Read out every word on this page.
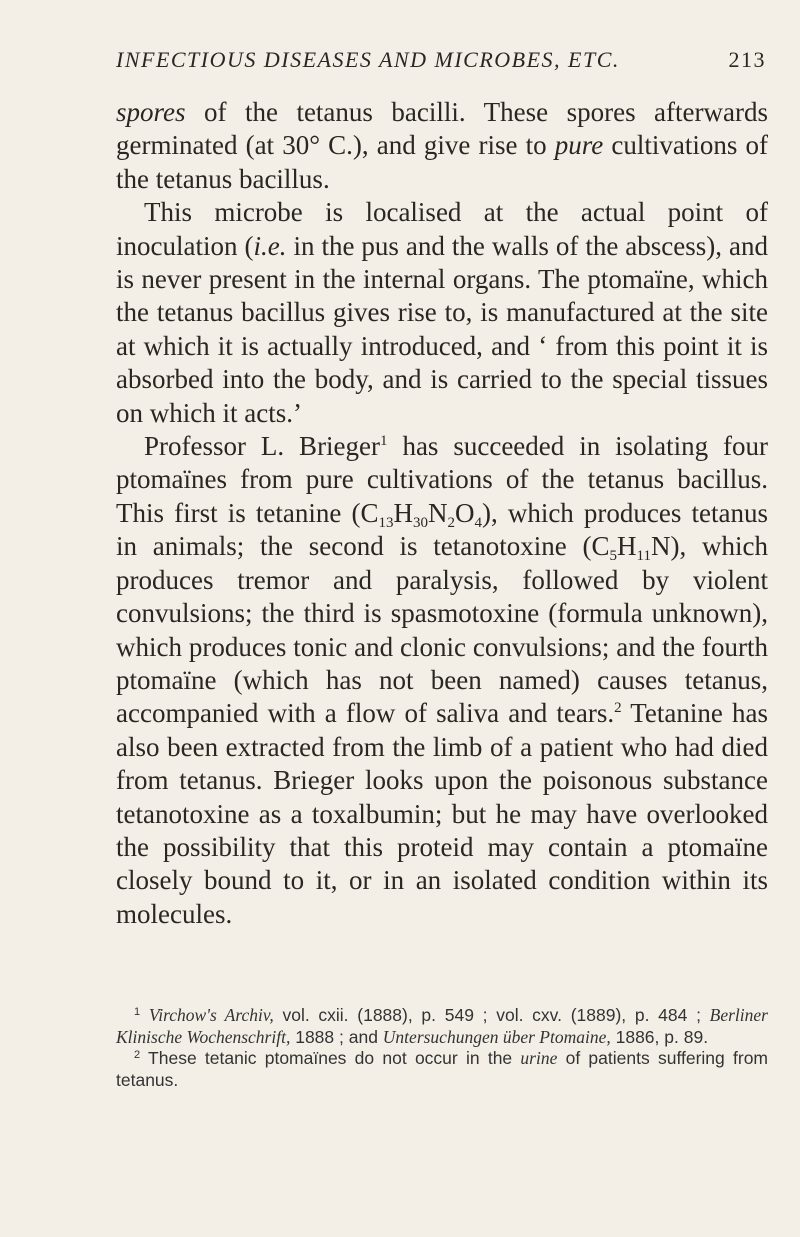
INFECTIOUS DISEASES AND MICROBES, ETC.	213

spores of the tetanus bacilli. These spores afterwards germinated (at 30° C.), and give rise to pure cultivations of the tetanus bacillus.

This microbe is localised at the actual point of inoculation (i.e. in the pus and the walls of the abscess), and is never present in the internal organs. The ptomaïne, which the tetanus bacillus gives rise to, is manufactured at the site at which it is actually introduced, and ‘ from this point it is absorbed into the body, and is carried to the special tissues on which it acts.’

Professor L. Brieger$^1$ has succeeded in isolating four ptomaïnes from pure cultivations of the tetanus bacillus. This first is tetanine $(C_{13}H_{30}N_2O_4)$, which produces tetanus in animals; the second is tetanotoxine $(C_5H_{11}N)$, which produces tremor and paralysis, followed by violent convulsions; the third is spasmotoxine (formula unknown), which produces tonic and clonic convulsions; and the fourth ptomaïne (which has not been named) causes tetanus, accompanied with a flow of saliva and tears.$^2$ Tetanine has also been extracted from the limb of a patient who had died from tetanus. Brieger looks upon the poisonous substance tetanotoxine as a toxalbumin; but he may have overlooked the possibility that this proteid may contain a ptomaïne closely bound to it, or in an isolated condition within its molecules.

$^1$ Virchow's Archiv, vol. cxii. (1888), p. 549 ; vol. cxv. (1889), p. 484 ; Berliner Klinische Wochenschrift, 1888 ; and Untersuchungen über Ptomaine, 1886, p. 89.

$^2$ These tetanic ptomaïnes do not occur in the urine of patients suffering from tetanus.
